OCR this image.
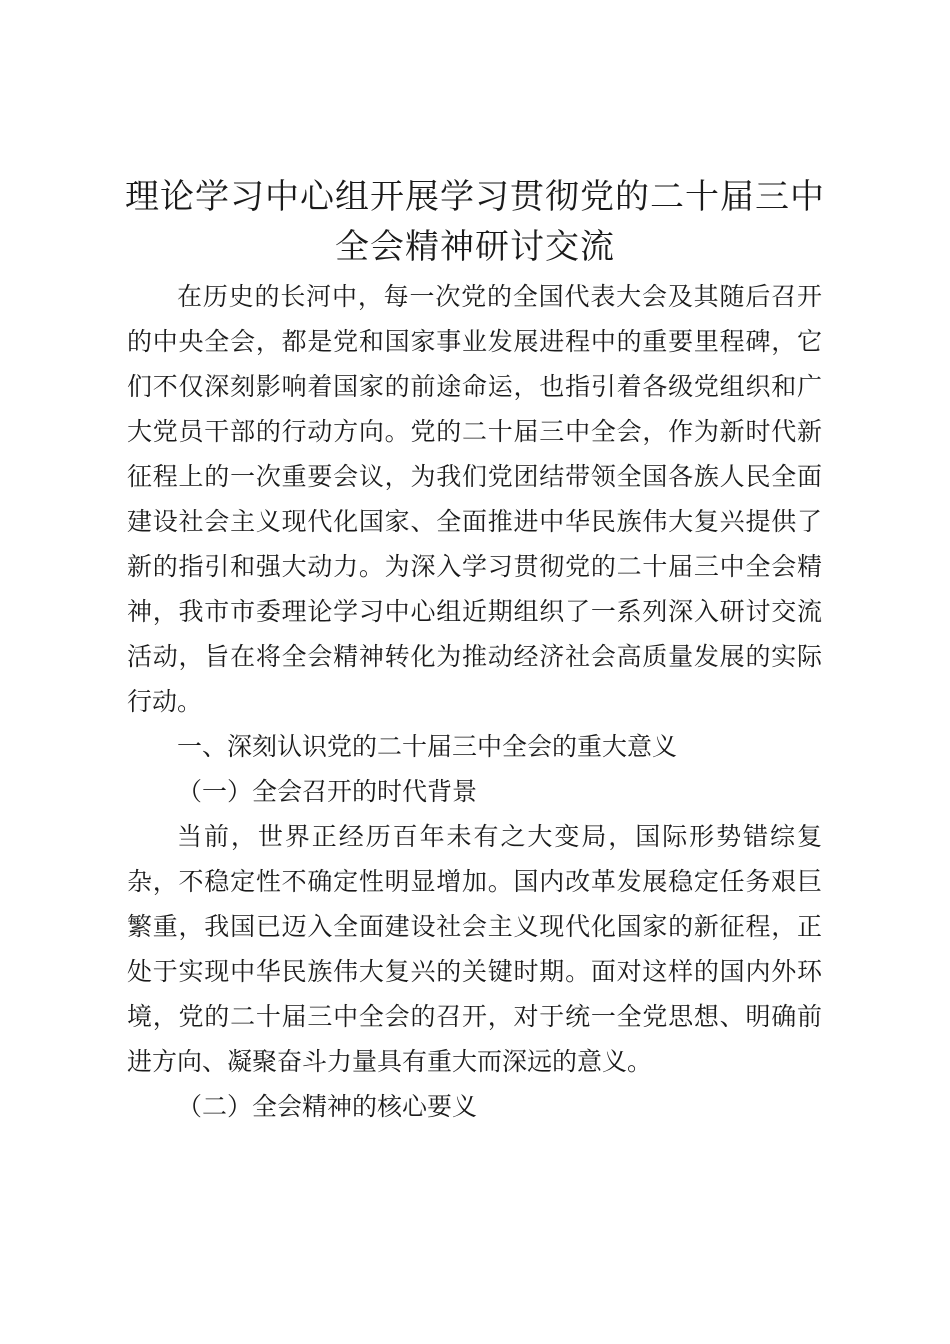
理论学习中心组开展学习贯彻党的二十届三中全会精神研讨交流

在历史的长河中，每一次党的全国代表大会及其随后召开的中央全会，都是党和国家事业发展进程中的重要里程碑，它们不仅深刻影响着国家的前途命运，也指引着各级党组织和广大党员干部的行动方向。党的二十届三中全会，作为新时代新征程上的一次重要会议，为我们党团结带领全国各族人民全面建设社会主义现代化国家、全面推进中华民族伟大复兴提供了新的指引和强大动力。为深入学习贯彻党的二十届三中全会精神，我市市委理论学习中心组近期组织了一系列深入研讨交流活动，旨在将全会精神转化为推动经济社会高质量发展的实际行动。

一、深刻认识党的二十届三中全会的重大意义

（一）全会召开的时代背景

当前，世界正经历百年未有之大变局，国际形势错综复杂，不稳定性不确定性明显增加。国内改革发展稳定任务艰巨繁重，我国已迈入全面建设社会主义现代化国家的新征程，正处于实现中华民族伟大复兴的关键时期。面对这样的国内外环境，党的二十届三中全会的召开，对于统一全党思想、明确前进方向、凝聚奋斗力量具有重大而深远的意义。

（二）全会精神的核心要义
